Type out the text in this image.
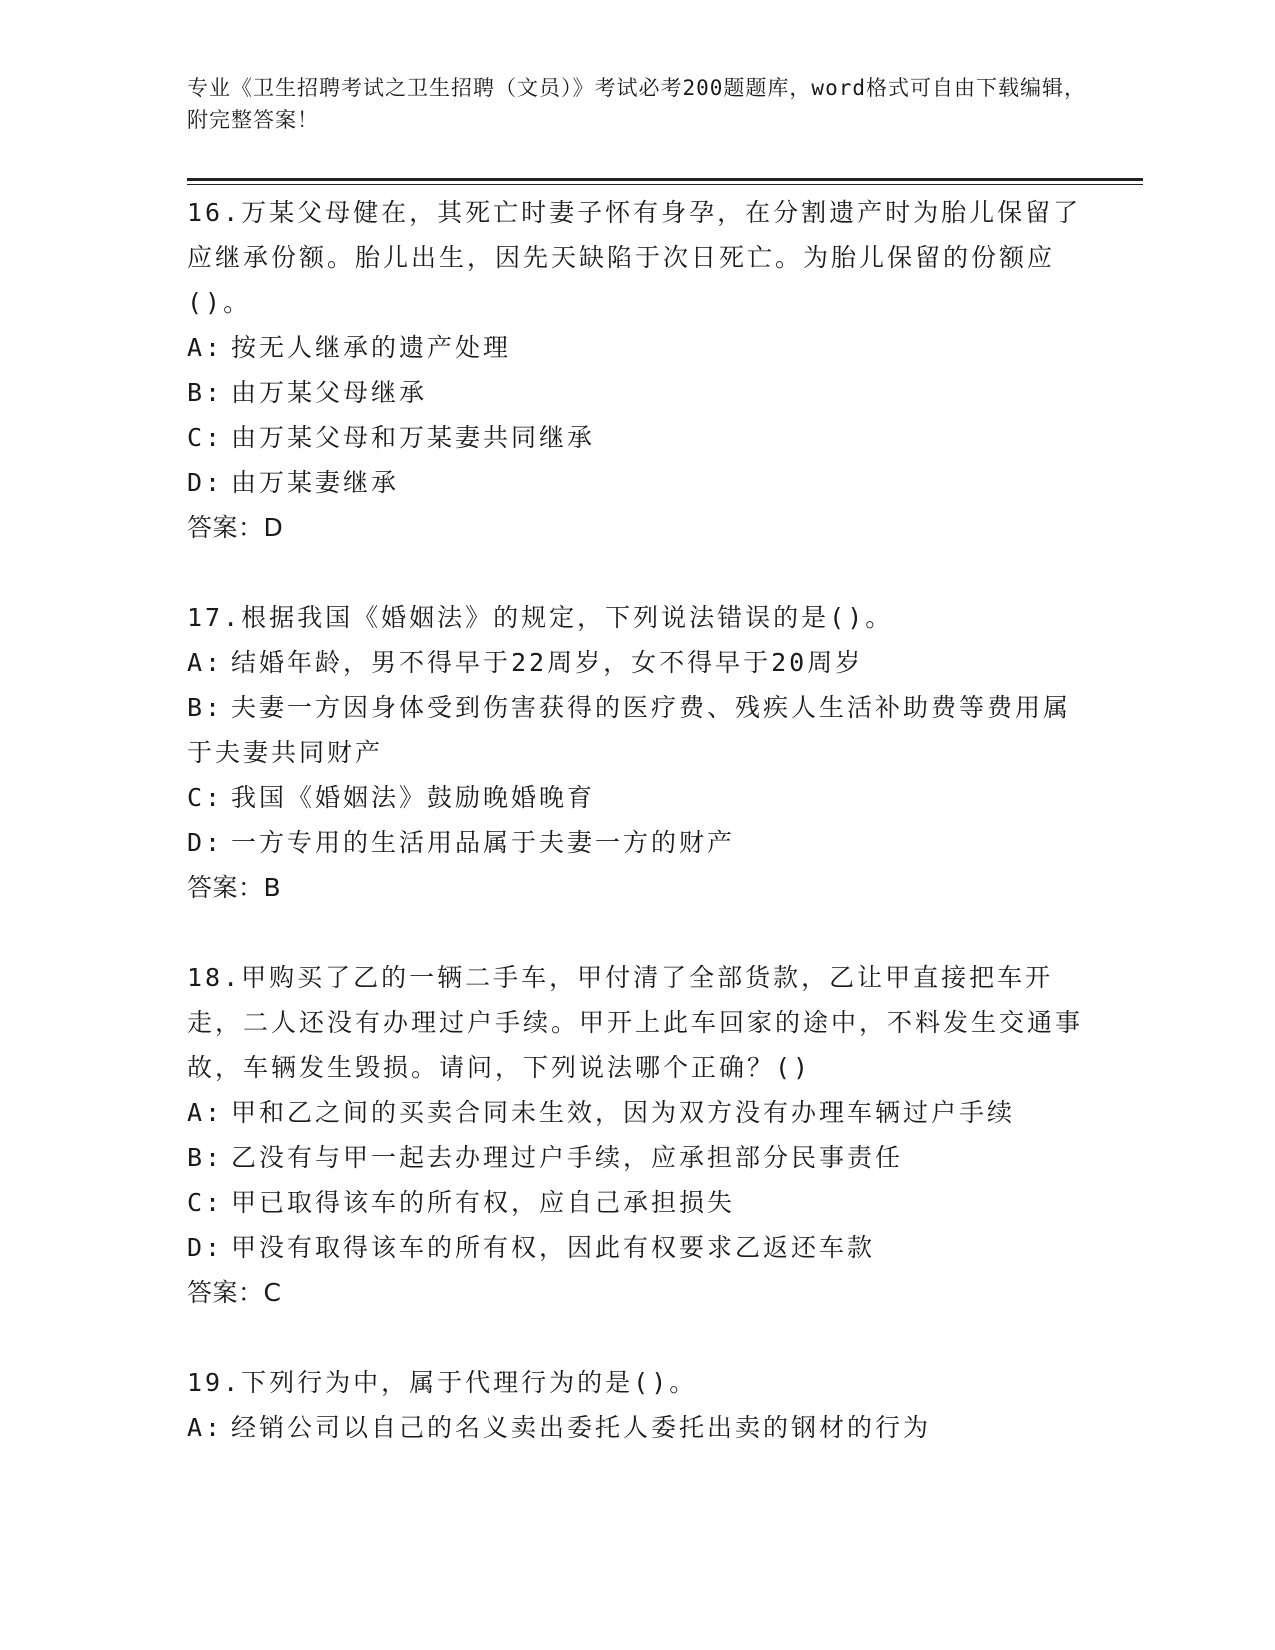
专业《卫生招聘考试之卫生招聘（文员）》考试必考200题题库，word格式可自由下载编辑，附完整答案！

16.万某父母健在，其死亡时妻子怀有身孕，在分割遗产时为胎儿保留了应继承份额。胎儿出生，因先天缺陷于次日死亡。为胎儿保留的份额应()。

A: 按无人继承的遗产处理

B: 由万某父母继承

C: 由万某父母和万某妻共同继承

D: 由万某妻继承

答案：D

17.根据我国《婚姻法》的规定，下列说法错误的是()。

A: 结婚年龄，男不得早于22周岁，女不得早于20周岁

B: 夫妻一方因身体受到伤害获得的医疗费、残疾人生活补助费等费用属于夫妻共同财产

C: 我国《婚姻法》鼓励晚婚晚育

D: 一方专用的生活用品属于夫妻一方的财产

答案：B

18.甲购买了乙的一辆二手车，甲付清了全部货款，乙让甲直接把车开走，二人还没有办理过户手续。甲开上此车回家的途中，不料发生交通事故，车辆发生毁损。请问，下列说法哪个正确？()

A: 甲和乙之间的买卖合同未生效，因为双方没有办理车辆过户手续

B: 乙没有与甲一起去办理过户手续，应承担部分民事责任

C: 甲已取得该车的所有权，应自己承担损失

D: 甲没有取得该车的所有权，因此有权要求乙返还车款

答案：C

19.下列行为中，属于代理行为的是()。

A: 经销公司以自己的名义卖出委托人委托出卖的钢材的行为
